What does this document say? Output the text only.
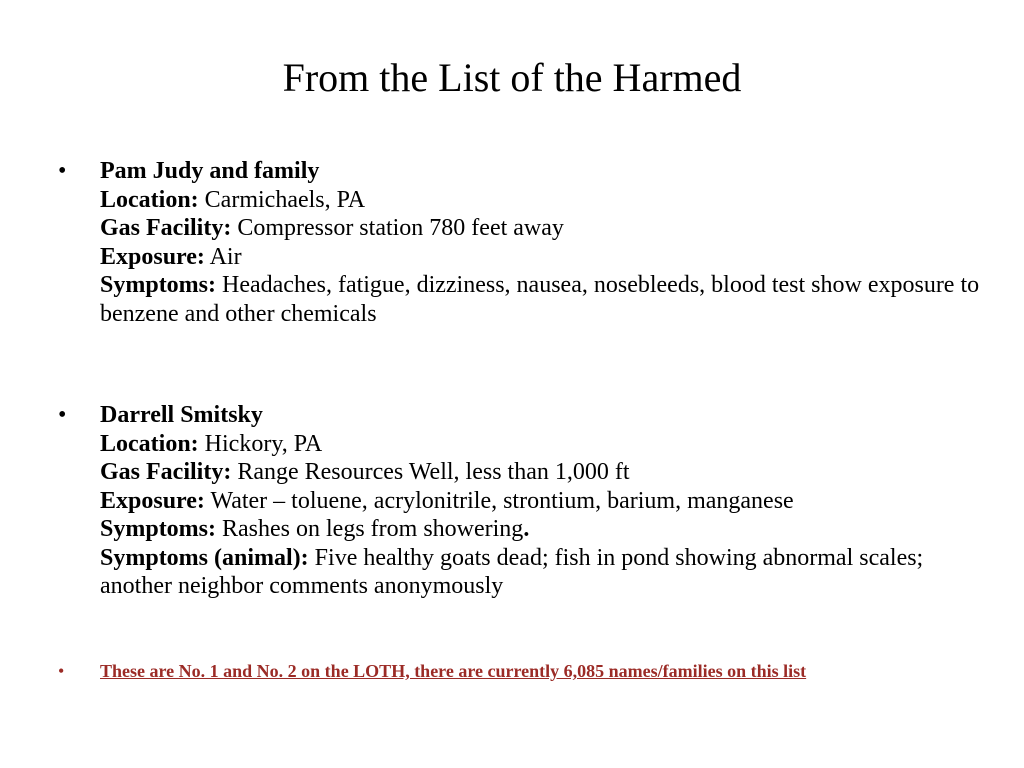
From the List of the Harmed
• Pam Judy and family
Location: Carmichaels, PA
Gas Facility: Compressor station 780 feet away
Exposure: Air
Symptoms: Headaches, fatigue, dizziness, nausea, nosebleeds, blood test show exposure to benzene and other chemicals
• Darrell Smitsky
Location: Hickory, PA
Gas Facility: Range Resources Well, less than 1,000 ft
Exposure: Water – toluene, acrylonitrile, strontium, barium, manganese
Symptoms: Rashes on legs from showering.
Symptoms (animal): Five healthy goats dead; fish in pond showing abnormal scales; another neighbor comments anonymously
• These are No. 1 and No. 2 on the LOTH, there are currently 6,085 names/families on this list
